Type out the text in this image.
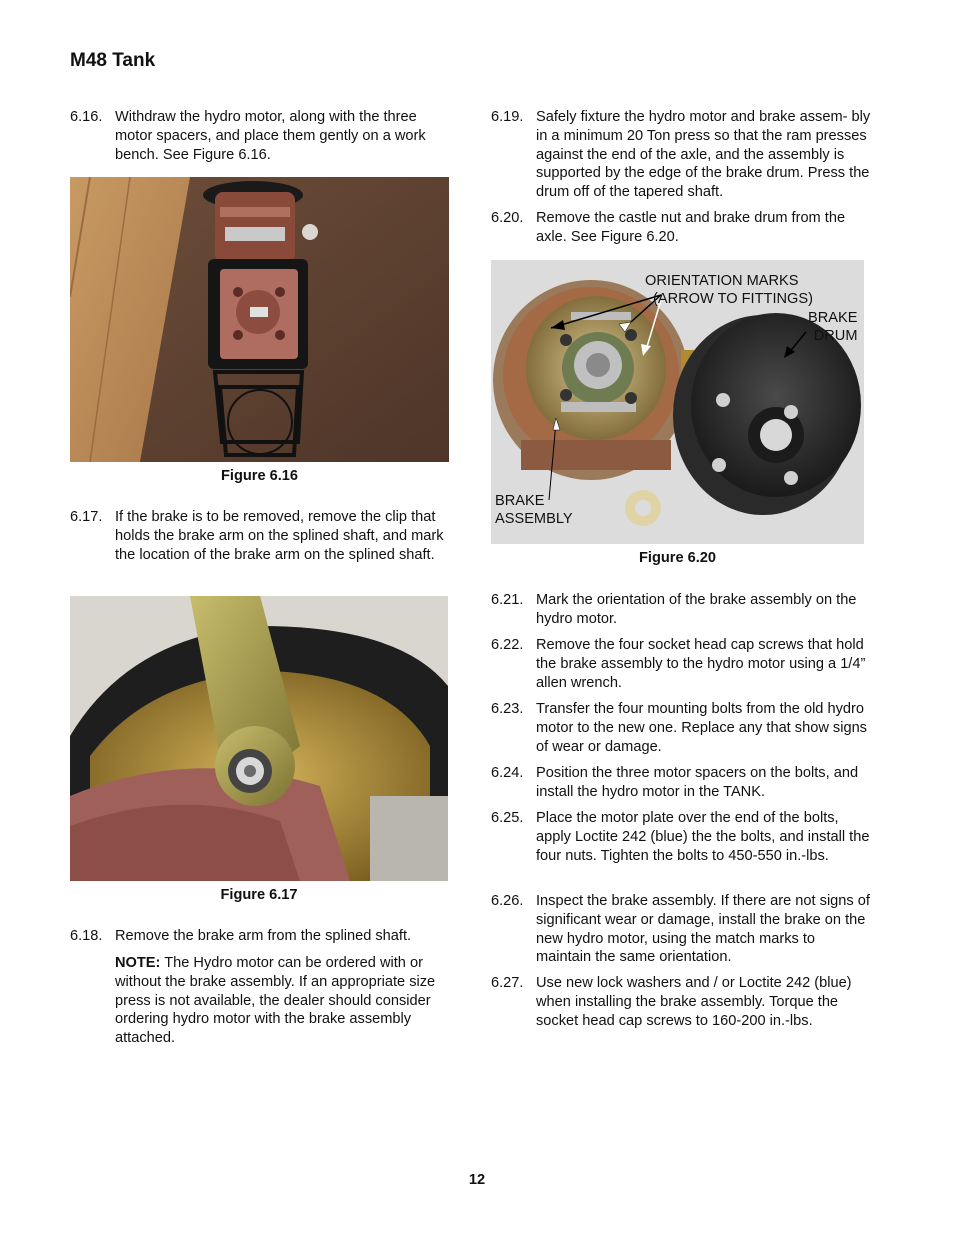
M48 Tank
6.16. Withdraw the hydro motor, along with the three motor spacers, and place them gently on a work bench. See Figure 6.16.
Figure 6.16
6.17. If the brake is to be removed, remove the clip that holds the brake arm on the splined shaft, and mark the location of the brake arm on the splined shaft.
Figure 6.17
6.18. Remove the brake arm from the splined shaft.
NOTE: The Hydro motor can be ordered with or without the brake assembly. If an appropriate size press is not available, the dealer should consider ordering hydro motor with the brake assembly attached.
6.19. Safely fixture the hydro motor and brake assem- bly in a minimum 20 Ton press so that the ram presses against the end of the axle, and the assembly is supported by the edge of the brake drum. Press the drum off of the tapered shaft.
6.20. Remove the castle nut and brake drum from the axle. See Figure 6.20.
ORIENTATION MARKS
(ARROW TO FITTINGS)
BRAKE
DRUM
BRAKE
ASSEMBLY
Figure 6.20
6.21. Mark the orientation of the brake assembly on the hydro motor.
6.22. Remove the four socket head cap screws that hold the brake assembly to the hydro motor using a 1/4” allen wrench.
6.23. Transfer the four mounting bolts from the old hydro motor to the new one. Replace any that show signs of wear or damage.
6.24. Position the three motor spacers on the bolts, and install the hydro motor in the TANK.
6.25. Place the motor plate over the end of the bolts, apply Loctite 242 (blue) the the bolts, and install the four nuts. Tighten the bolts to 450-550 in.-lbs.
6.26. Inspect the brake assembly. If there are not signs of significant wear or damage, install the brake on the new hydro motor, using the match marks to maintain the same orientation.
6.27. Use new lock washers and / or Loctite 242 (blue) when installing the brake assembly. Torque the socket head cap screws to 160-200 in.-lbs.
12
